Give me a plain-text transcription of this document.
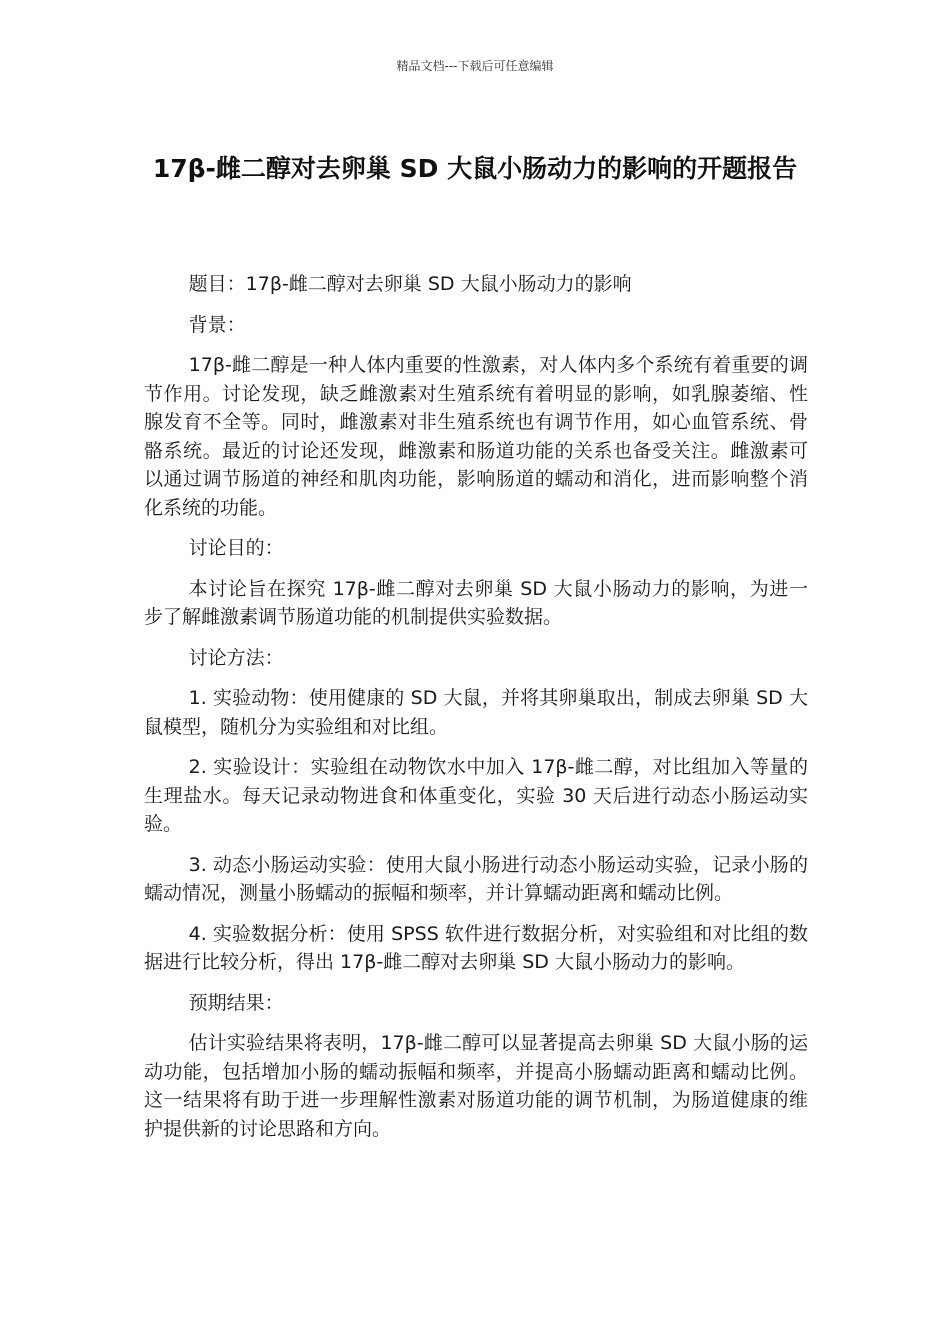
精品文档---下载后可任意编辑
17β-雌二醇对去卵巢 SD 大鼠小肠动力的影响的开题报告

题目：17β-雌二醇对去卵巢 SD 大鼠小肠动力的影响

背景：

17β-雌二醇是一种人体内重要的性激素，对人体内多个系统有着重要的调节作用。讨论发现，缺乏雌激素对生殖系统有着明显的影响，如乳腺萎缩、性腺发育不全等。同时，雌激素对非生殖系统也有调节作用，如心血管系统、骨骼系统。最近的讨论还发现，雌激素和肠道功能的关系也备受关注。雌激素可以通过调节肠道的神经和肌肉功能，影响肠道的蠕动和消化，进而影响整个消化系统的功能。

讨论目的：

本讨论旨在探究 17β-雌二醇对去卵巢 SD 大鼠小肠动力的影响，为进一步了解雌激素调节肠道功能的机制提供实验数据。

讨论方法：

1. 实验动物：使用健康的 SD 大鼠，并将其卵巢取出，制成去卵巢 SD 大鼠模型，随机分为实验组和对比组。

2. 实验设计：实验组在动物饮水中加入 17β-雌二醇，对比组加入等量的生理盐水。每天记录动物进食和体重变化，实验 30 天后进行动态小肠运动实验。

3. 动态小肠运动实验：使用大鼠小肠进行动态小肠运动实验，记录小肠的蠕动情况，测量小肠蠕动的振幅和频率，并计算蠕动距离和蠕动比例。

4. 实验数据分析：使用 SPSS 软件进行数据分析，对实验组和对比组的数据进行比较分析，得出 17β-雌二醇对去卵巢 SD 大鼠小肠动力的影响。

预期结果：

估计实验结果将表明，17β-雌二醇可以显著提高去卵巢 SD 大鼠小肠的运动功能，包括增加小肠的蠕动振幅和频率，并提高小肠蠕动距离和蠕动比例。这一结果将有助于进一步理解性激素对肠道功能的调节机制，为肠道健康的维护提供新的讨论思路和方向。
